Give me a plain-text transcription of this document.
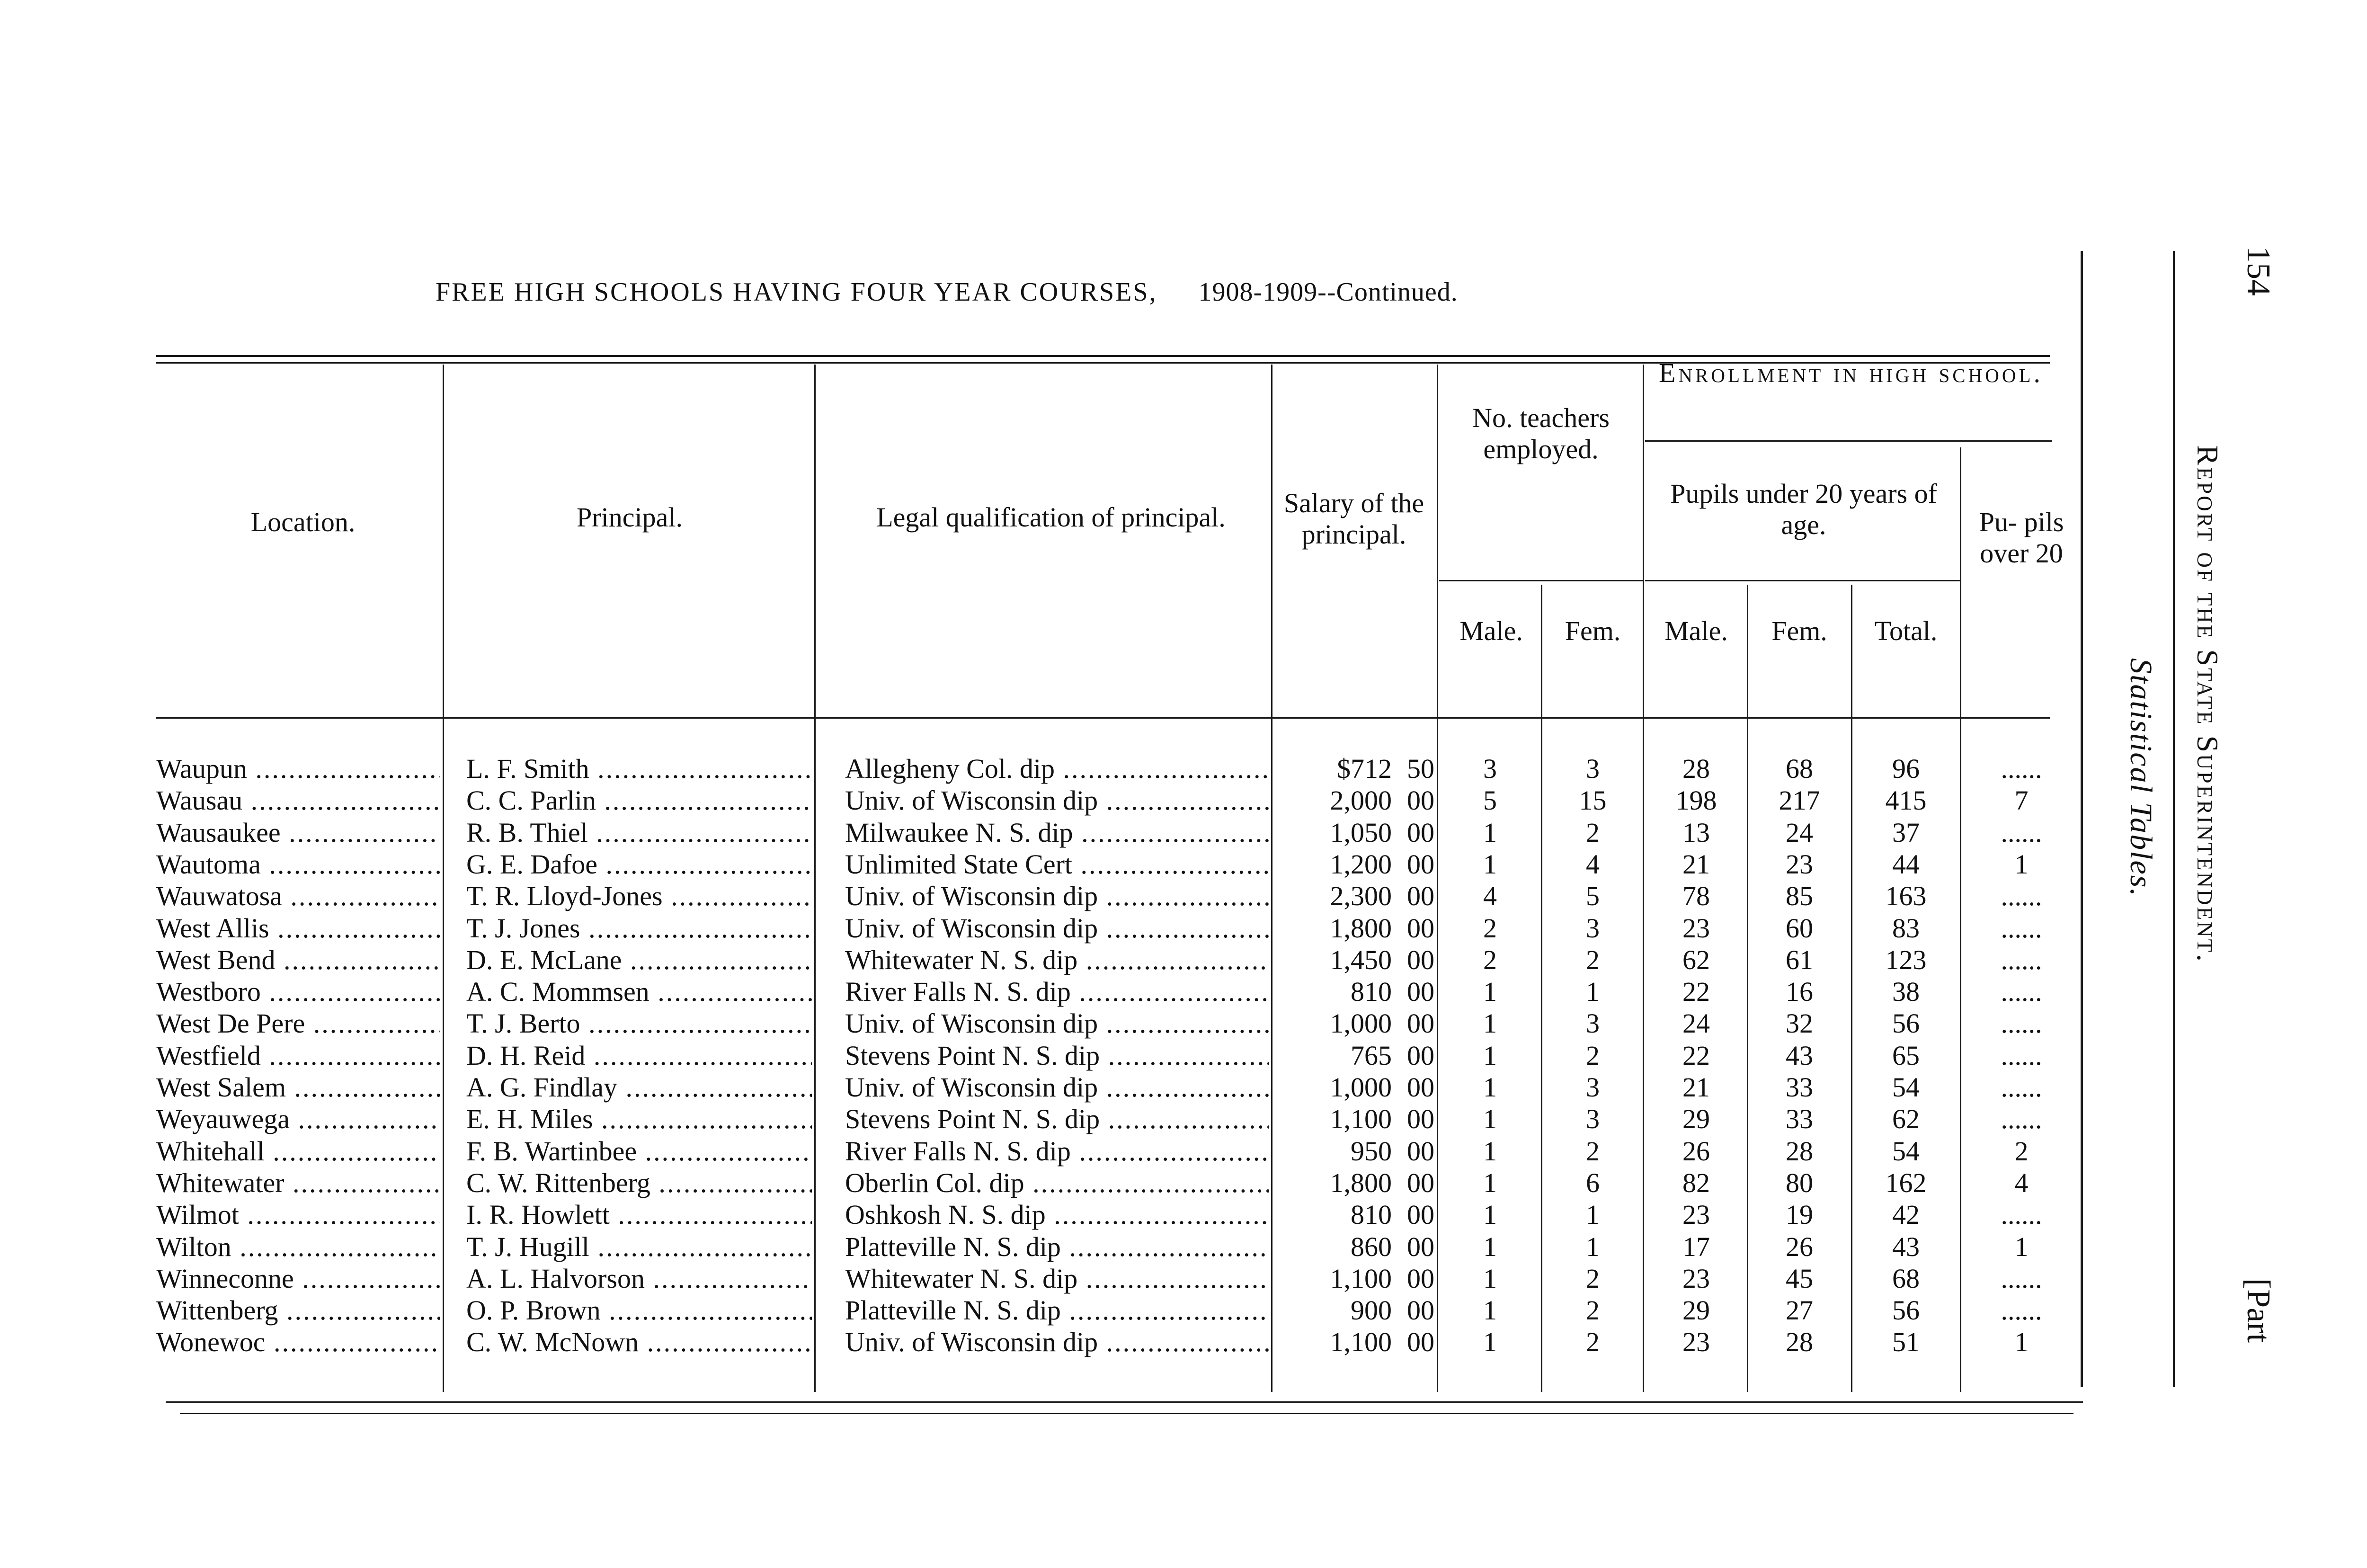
FREE HIGH SCHOOLS HAVING FOUR YEAR COURSES, 1908-1909--Continued.
Location.	Principal.	Legal qualification of principal.	Salary of the principal.
No. teachers employed.
Male.	Fem.
Enrollment in high school.
Pupils under 20 years of age.
Male.	Fem.	Total.
Pu- pils over 20
Waupun .....	L. F. Smith .....	Allegheny Col. dip .....	$712 50	3	3	28	68	96	......
Wausau .....	C. C. Parlin .....	Univ. of Wisconsin dip .....	2,000 00	5	15	198	217	415	7
Wausaukee .....	R. B. Thiel .....	Milwaukee N. S. dip .....	1,050 00	1	2	13	24	37	......
Wautoma .....	G. E. Dafoe .....	Unlimited State Cert .....	1,200 00	1	4	21	23	44	1
Wauwatosa .....	T. R. Lloyd-Jones .....	Univ. of Wisconsin dip .....	2,300 00	4	5	78	85	163	......
West Allis .....	T. J. Jones .....	Univ. of Wisconsin dip .....	1,800 00	2	3	23	60	83	......
West Bend .....	D. E. McLane .....	Whitewater N. S. dip .....	1,450 00	2	2	62	61	123	......
Westboro .....	A. C. Mommsen .....	River Falls N. S. dip .....	810 00	1	1	22	16	38	......
West De Pere .....	T. J. Berto .....	Univ. of Wisconsin dip .....	1,000 00	1	3	24	32	56	......
Westfield .....	D. H. Reid .....	Stevens Point N. S. dip .....	765 00	1	2	22	43	65	......
West Salem .....	A. G. Findlay .....	Univ. of Wisconsin dip .....	1,000 00	1	3	21	33	54	......
Weyauwega .....	E. H. Miles .....	Stevens Point N. S. dip .....	1,100 00	1	3	29	33	62	......
Whitehall .....	F. B. Wartinbee .....	River Falls N. S. dip .....	950 00	1	2	26	28	54	2
Whitewater .....	C. W. Rittenberg .....	Oberlin Col. dip .....	1,800 00	1	6	82	80	162	4
Wilmot .....	I. R. Howlett .....	Oshkosh N. S. dip .....	810 00	1	1	23	19	42	......
Wilton .....	T. J. Hugill .....	Platteville N. S. dip .....	860 00	1	1	17	26	43	1
Winneconne .....	A. L. Halvorson .....	Whitewater N. S. dip .....	1,100 00	1	2	23	45	68	......
Wittenberg .....	O. P. Brown .....	Platteville N. S. dip .....	900 00	1	2	29	27	56	......
Wonewoc .....	C. W. McNown .....	Univ. of Wisconsin dip .....	1,100 00	1	2	23	28	51	1
Report of the State Superintendent.
Statistical Tables.
154
[Part
